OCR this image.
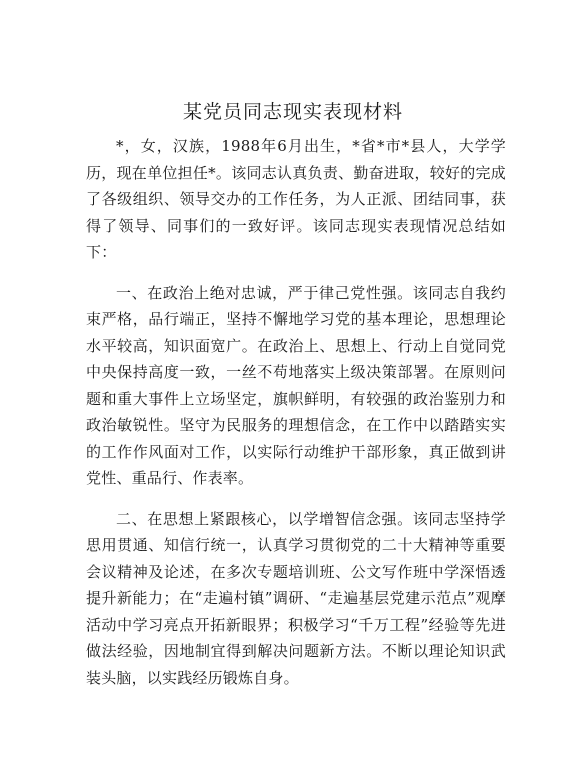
某党员同志现实表现材料

*，女，汉族，1988年6月出生，*省*市*县人，大学学历，现在单位担任*。该同志认真负责、勤奋进取，较好的完成了各级组织、领导交办的工作任务，为人正派、团结同事，获得了领导、同事们的一致好评。该同志现实表现情况总结如下：

一、在政治上绝对忠诚，严于律己党性强。该同志自我约束严格，品行端正，坚持不懈地学习党的基本理论，思想理论水平较高，知识面宽广。在政治上、思想上、行动上自觉同党中央保持高度一致，一丝不苟地落实上级决策部署。在原则问题和重大事件上立场坚定，旗帜鲜明，有较强的政治鉴别力和政治敏锐性。坚守为民服务的理想信念，在工作中以踏踏实实的工作作风面对工作，以实际行动维护干部形象，真正做到讲党性、重品行、作表率。

二、在思想上紧跟核心，以学增智信念强。该同志坚持学思用贯通、知信行统一，认真学习贯彻党的二十大精神等重要会议精神及论述，在多次专题培训班、公文写作班中学深悟透提升新能力；在“走遍村镇”调研、“走遍基层党建示范点”观摩活动中学习亮点开拓新眼界；积极学习“千万工程”经验等先进做法经验，因地制宜得到解决问题新方法。不断以理论知识武装头脑，以实践经历锻炼自身。
